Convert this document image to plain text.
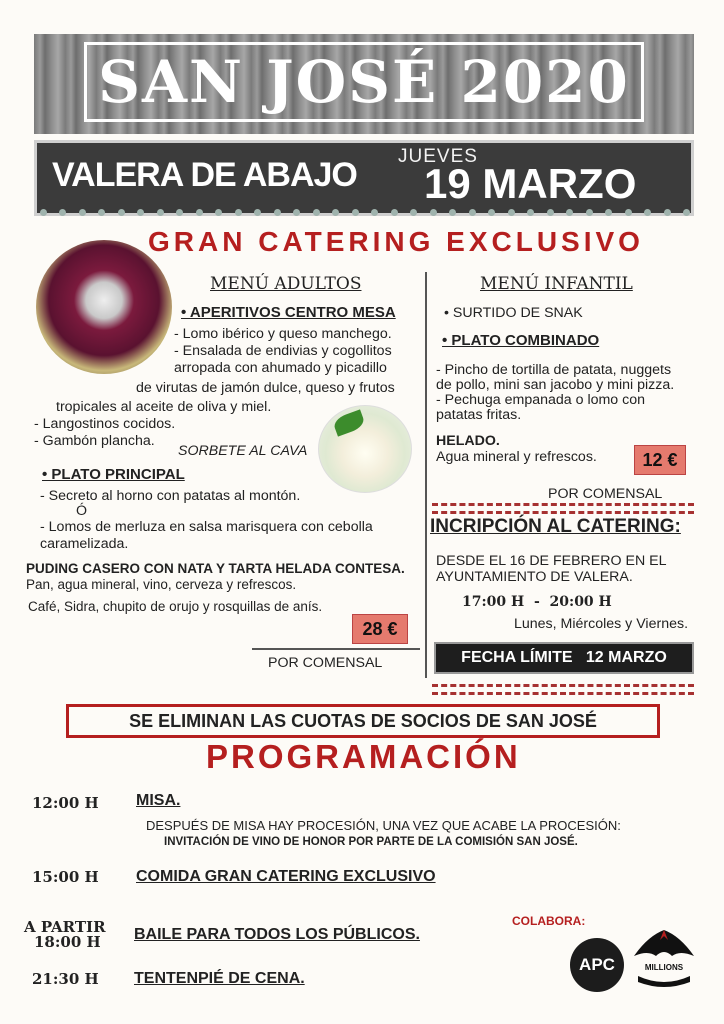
SAN JOSÉ 2020
VALERA DE ABAJO JUEVES
19 MARZO
GRAN CATERING EXCLUSIVO
MENÚ ADULTOS
• APERITIVOS CENTRO MESA
- Lomo ibérico y queso manchego.
- Ensalada de endivias y cogollitos
arropada con ahumado y picadillo
de virutas de jamón dulce, queso y frutos
tropicales al aceite de oliva y miel.
- Langostinos cocidos.
- Gambón plancha.
SORBETE AL CAVA
• PLATO PRINCIPAL
- Secreto al horno con patatas al montón.
Ó
- Lomos de merluza en salsa marisquera con cebolla
caramelizada.
PUDING CASERO CON NATA Y TARTA HELADA CONTESA.
Pan, agua mineral, vino, cerveza y refrescos.
Café, Sidra, chupito de orujo y rosquillas de anís.
28 €
POR COMENSAL
MENÚ INFANTIL
• SURTIDO DE SNAK
• PLATO COMBINADO
- Pincho de tortilla de patata, nuggets
de pollo, mini san jacobo y mini pizza.
- Pechuga empanada o lomo con
patatas fritas.
HELADO.
Agua mineral y refrescos.	12 €
POR COMENSAL
INCRIPCIÓN AL CATERING:
DESDE EL 16 DE FEBRERO EN EL
AYUNTAMIENTO DE VALERA.
17:00 H  -  20:00 H
Lunes, Miércoles y Viernes.
FECHA LÍMITE   12 MARZO
SE ELIMINAN LAS CUOTAS DE SOCIOS DE SAN JOSÉ
PROGRAMACIÓN
12:00 H MISA.
DESPUÉS DE MISA HAY PROCESIÓN, UNA VEZ QUE ACABE LA PROCESIÓN:
INVITACIÓN DE VINO DE HONOR POR PARTE DE LA COMISIÓN SAN JOSÉ.
15:00 H COMIDA GRAN CATERING EXCLUSIVO
A PARTIR
18:00 H BAILE PARA TODOS LOS PÚBLICOS.
21:30 H TENTENPIÉ DE CENA.
COLABORA:
APC	MILLIONS
